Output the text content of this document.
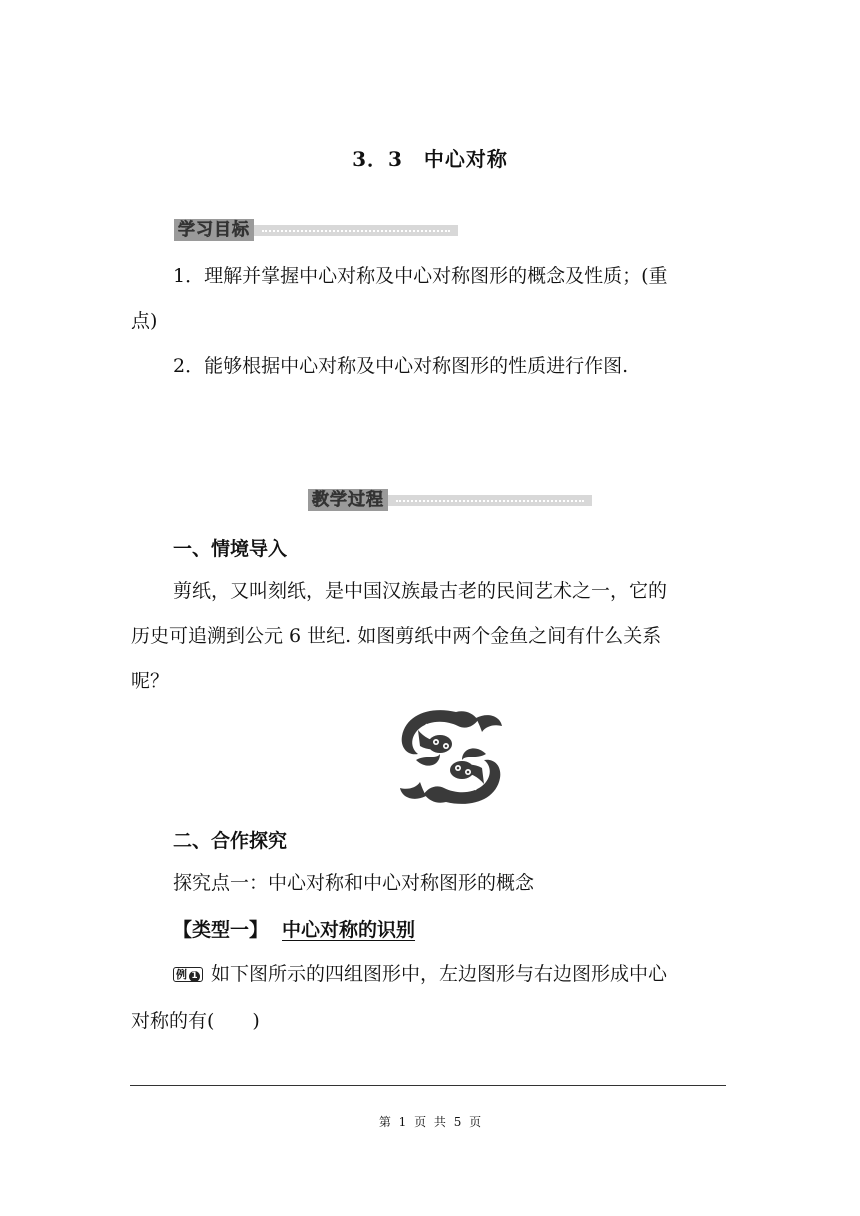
3．3　中心对称
学习目标
1．理解并掌握中心对称及中心对称图形的概念及性质；(重
点)
2．能够根据中心对称及中心对称图形的性质进行作图.
教学过程
一、情境导入
剪纸，又叫刻纸，是中国汉族最古老的民间艺术之一，它的
历史可追溯到公元 6 世纪. 如图剪纸中两个金鱼之间有什么关系
呢？
二、合作探究
探究点一：中心对称和中心对称图形的概念
【类型一】 中心对称的识别
例 1 如下图所示的四组图形中，左边图形与右边图形成中心
对称的有(　　)
第 1 页 共 5 页
